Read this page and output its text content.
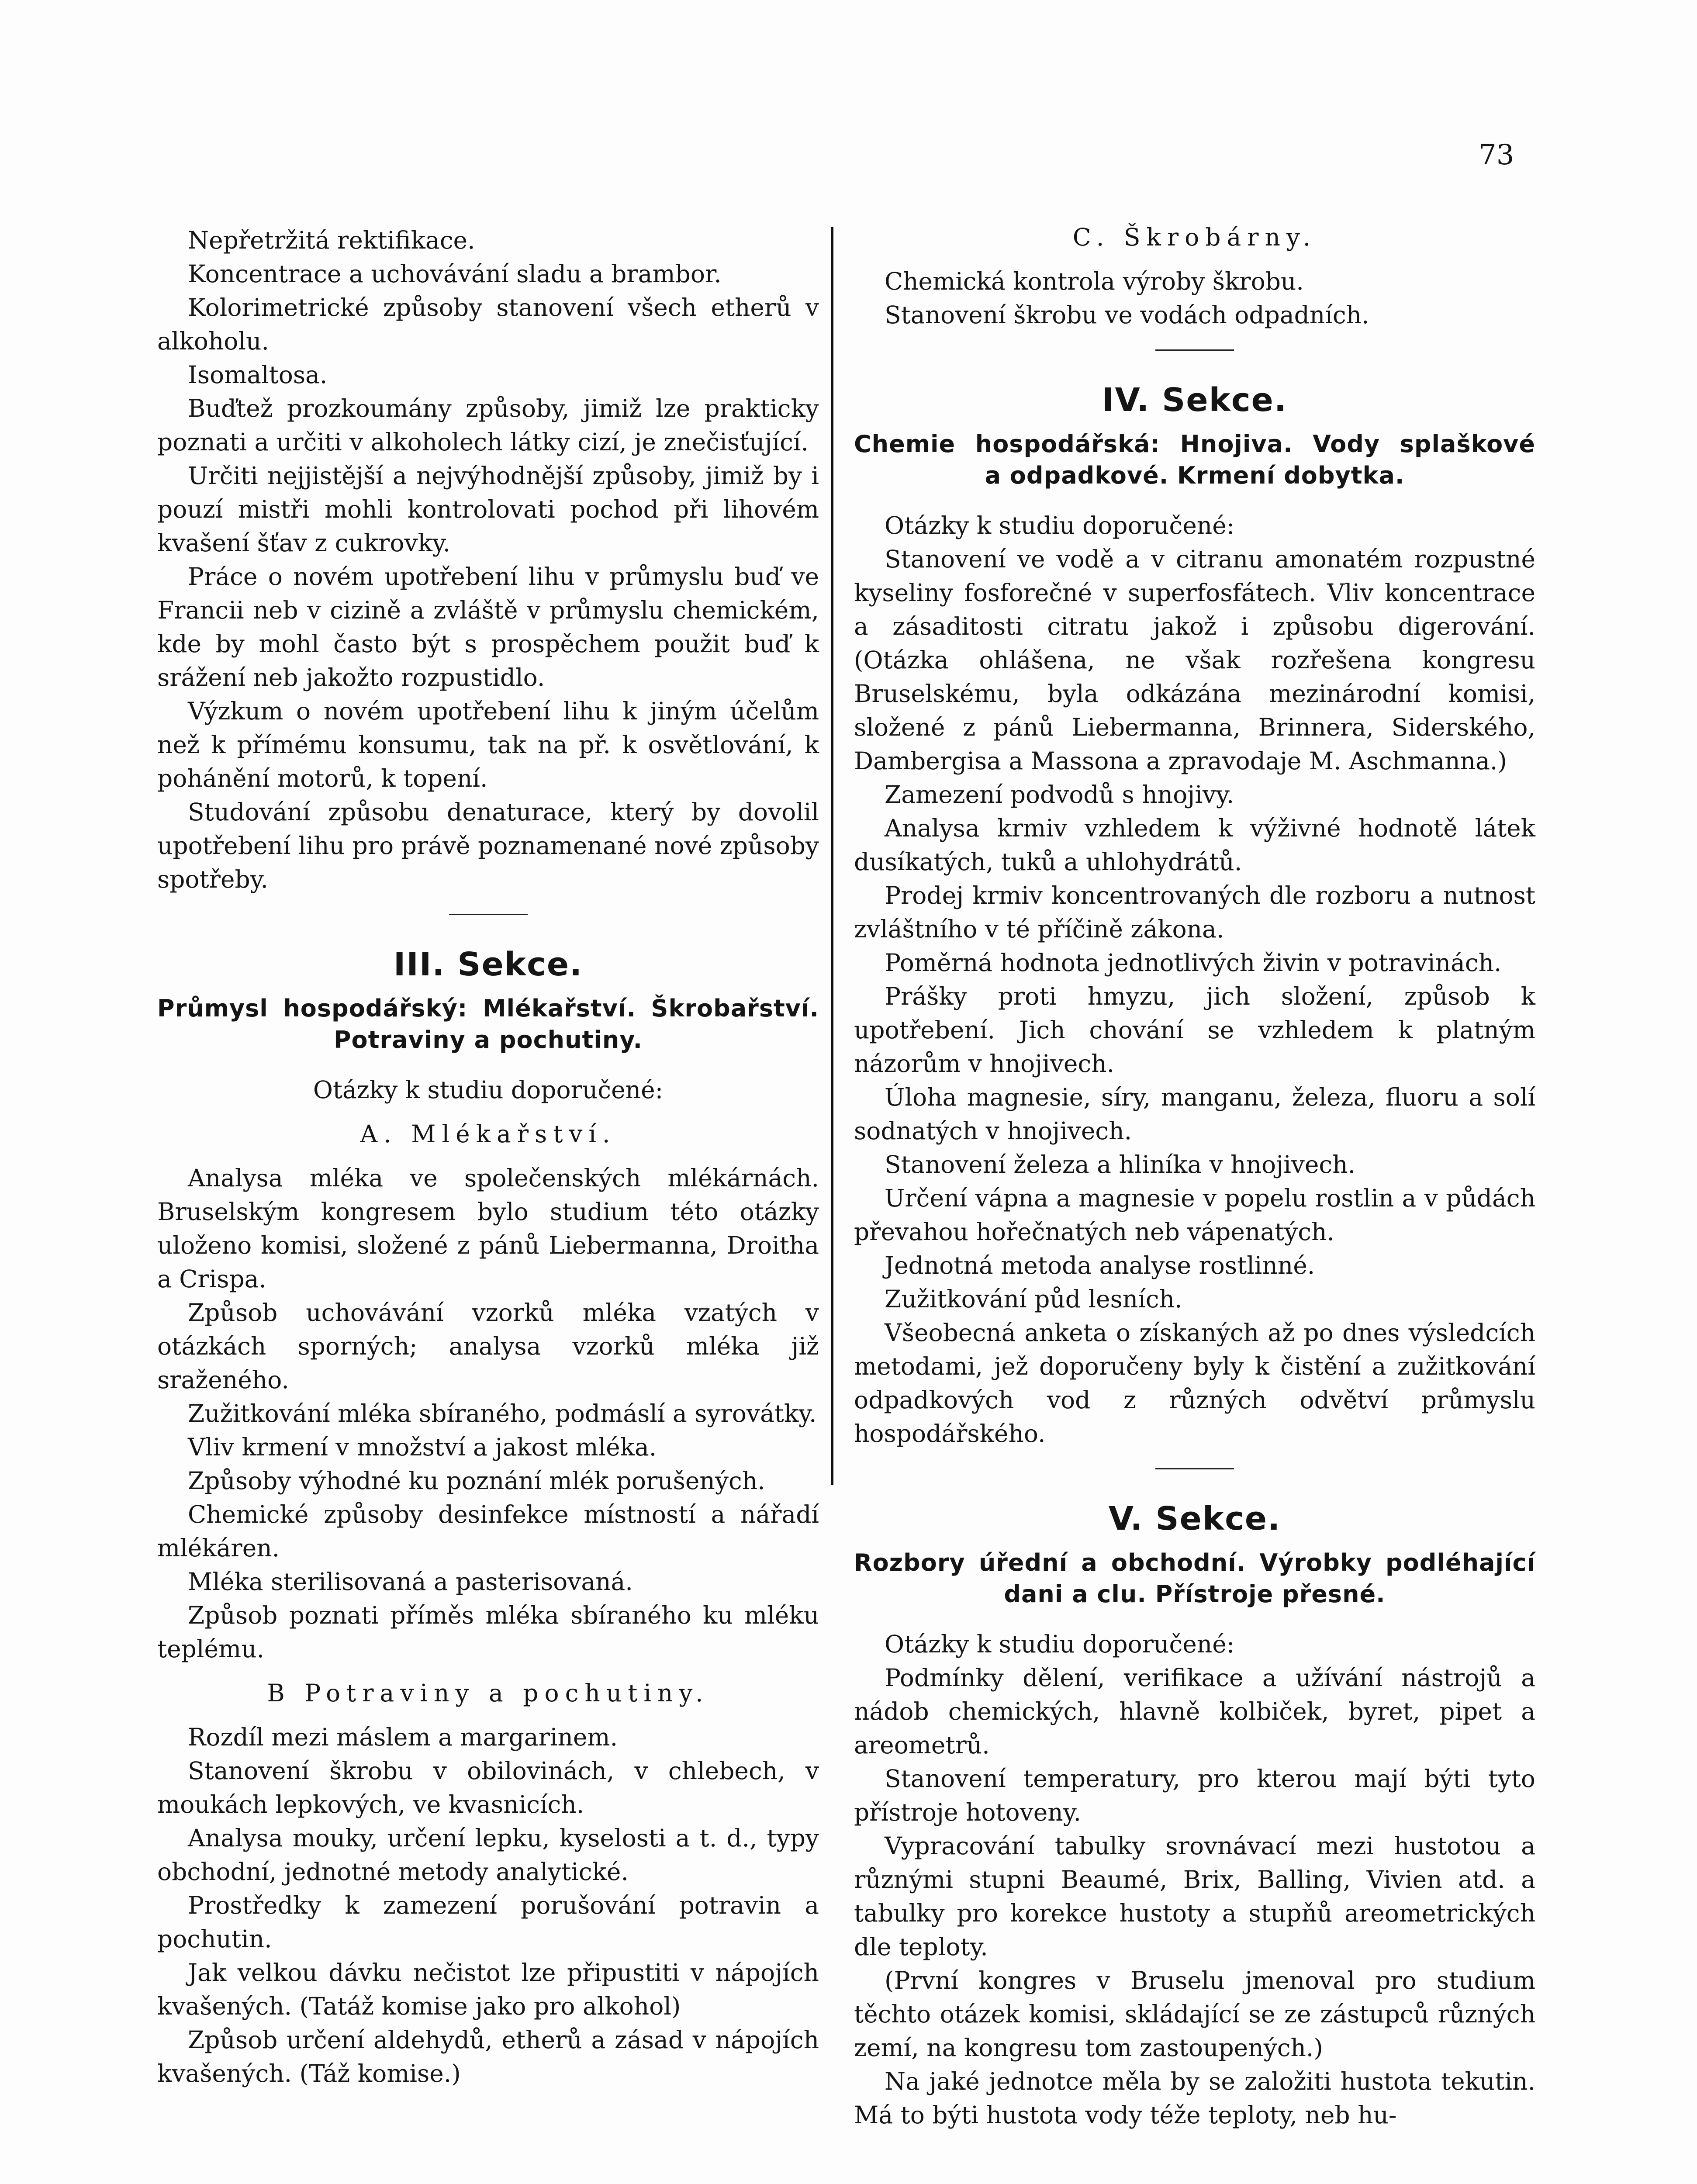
73

Nepřetržitá rektifikace.

Koncentrace a uchovávání sladu a brambor.

Kolorimetrické způsoby stanovení všech etherů v alkoholu.

Isomaltosa.

Buďtež prozkoumány způsoby, jimiž lze prakticky poznati a určiti v alkoholech látky cizí, je znečisťující.

Určiti nejjistější a nejvýhodnější způsoby, jimiž by i pouzí mistři mohli kontrolovati pochod při lihovém kvašení šťav z cukrovky.

Práce o novém upotřebení lihu v průmyslu buď ve Francii neb v cizině a zvláště v průmyslu chemickém, kde by mohl často být s prospěchem použit buď k srážení neb jakožto rozpustidlo.

Výzkum o novém upotřebení lihu k jiným účelům než k přímému konsumu, tak na př. k osvětlování, k pohánění motorů, k topení.

Studování způsobu denaturace, který by dovolil upotřebení lihu pro právě poznamenané nové způsoby spotřeby.

III. Sekce.
Průmysl hospodářský: Mlékařství. Škrobařství.
Potraviny a pochutiny.

Otázky k studiu doporučené:

A. Mlékařství.

Analysa mléka ve společenských mlékárnách. Bruselským kongresem bylo studium této otázky uloženo komisi, složené z pánů Liebermanna, Droitha a Crispa.

Způsob uchovávání vzorků mléka vzatých v otázkách sporných; analysa vzorků mléka již sraženého.

Zužitkování mléka sbíraného, podmáslí a syrovátky.

Vliv krmení v množství a jakost mléka.

Způsoby výhodné ku poznání mlék porušených.

Chemické způsoby desinfekce místností a nářadí mlékáren.

Mléka sterilisovaná a pasterisovaná.

Způsob poznati příměs mléka sbíraného ku mléku teplému.

B Potraviny a pochutiny.

Rozdíl mezi máslem a margarinem.

Stanovení škrobu v obilovinách, v chlebech, v moukách lepkových, ve kvasnicích.

Analysa mouky, určení lepku, kyselosti a t. d., typy obchodní, jednotné metody analytické.

Prostředky k zamezení porušování potravin a pochutin.

Jak velkou dávku nečistot lze připustiti v nápojích kvašených. (Tatáž komise jako pro alkohol)

Způsob určení aldehydů, etherů a zásad v nápojích kvašených. (Táž komise.)

C. Škrobárny.

Chemická kontrola výroby škrobu.

Stanovení škrobu ve vodách odpadních.

IV. Sekce.
Chemie hospodářská: Hnojiva. Vody splaškové
a odpadkové. Krmení dobytka.

Otázky k studiu doporučené:

Stanovení ve vodě a v citranu amonatém rozpustné kyseliny fosforečné v superfosfátech. Vliv koncentrace a zásaditosti citratu jakož i způsobu digerování. (Otázka ohlášena, ne však rozřešena kongresu Bruselskému, byla odkázána mezinárodní komisi, složené z pánů Liebermanna, Brinnera, Siderského, Dambergisa a Massona a zpravodaje M. Aschmanna.)

Zamezení podvodů s hnojivy.

Analysa krmiv vzhledem k výživné hodnotě látek dusíkatých, tuků a uhlohydrátů.

Prodej krmiv koncentrovaných dle rozboru a nutnost zvláštního v té příčině zákona.

Poměrná hodnota jednotlivých živin v potravinách.

Prášky proti hmyzu, jich složení, způsob k upotřebení. Jich chování se vzhledem k platným názorům v hnojivech.

Úloha magnesie, síry, manganu, železa, fluoru a solí sodnatých v hnojivech.

Stanovení železa a hliníka v hnojivech.

Určení vápna a magnesie v popelu rostlin a v půdách převahou hořečnatých neb vápenatých.

Jednotná metoda analyse rostlinné.

Zužitkování půd lesních.

Všeobecná anketa o získaných až po dnes výsledcích metodami, jež doporučeny byly k čistění a zužitkování odpadkových vod z různých odvětví průmyslu hospodářského.

V. Sekce.
Rozbory úřední a obchodní. Výrobky podléhající
dani a clu. Přístroje přesné.

Otázky k studiu doporučené:

Podmínky dělení, verifikace a užívání nástrojů a nádob chemických, hlavně kolbiček, byret, pipet a areometrů.

Stanovení temperatury, pro kterou mají býti tyto přístroje hotoveny.

Vypracování tabulky srovnávací mezi hustotou a různými stupni Beaumé, Brix, Balling, Vivien atd. a tabulky pro korekce hustoty a stupňů areometrických dle teploty.

(První kongres v Bruselu jmenoval pro studium těchto otázek komisi, skládající se ze zástupců různých zemí, na kongresu tom zastoupených.)

Na jaké jednotce měla by se založiti hustota tekutin. Má to býti hustota vody téže teploty, neb hu-
